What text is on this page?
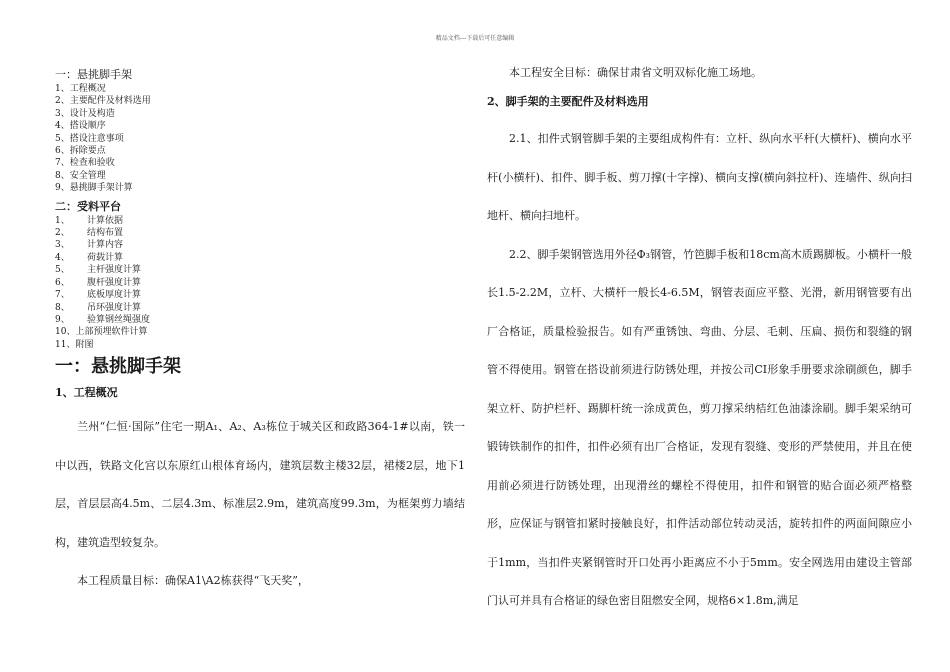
精品文档---下载后可任意编辑
一：悬挑脚手架
1、工程概况
2、主要配件及材料选用
3、设计及构造
4、搭设顺序
5、搭设注意事项
6、拆除要点
7、检查和验收
8、安全管理
9、悬挑脚手架计算
二：受料平台
1、 计算依据
2、 结构布置
3、 计算内容
4、 荷载计算
5、 主杆强度计算
6、 腹杆强度计算
7、 底板厚度计算
8、 吊环强度计算
9、 验算钢丝绳强度
10、上部预埋软件计算
11、附图
一：悬挑脚手架
1、工程概况

兰州“仁恒·国际”住宅一期A₁、A₂、A₃栋位于城关区和政路364-1#以南，铁一中以西，铁路文化宫以东原红山根体育场内，建筑层数主楼32层，裙楼2层，地下1层，首层层高4.5m、二层4.3m、标准层2.9m，建筑高度99.3m，为框架剪力墙结构，建筑造型较复杂。

本工程质量目标：确保A1\A2栋获得“飞天奖”，

本工程安全目标：确保甘肃省文明双标化施工场地。

2、脚手架的主要配件及材料选用

2.1、扣件式钢管脚手架的主要组成构件有：立杆、纵向水平杆(大横杆)、横向水平杆(小横杆)、扣件、脚手板、剪刀撑(十字撑)、横向支撑(横向斜拉杆)、连墙件、纵向扫地杆、横向扫地杆。

2.2、脚手架钢管选用外径Φ₃钢管，竹笆脚手板和18cm高木质踢脚板。小横杆一般长1.5-2.2M，立杆、大横杆一般长4-6.5M，钢管表面应平整、光滑，新用钢管要有出厂合格证，质量检验报告。如有严重锈蚀、弯曲、分层、毛刺、压扁、损伤和裂缝的钢管不得使用。钢管在搭设前须进行防锈处理，并按公司CI形象手册要求涂刷颜色，脚手架立杆、防护栏杆、踢脚杆统一涂成黄色，剪刀撑采纳桔红色油漆涂刷。脚手架采纳可锻铸铁制作的扣件，扣件必须有出厂合格证，发现有裂缝、变形的严禁使用，并且在使用前必须进行防锈处理，出现滑丝的螺栓不得使用，扣件和钢管的贴合面必须严格整形，应保证与钢管扣紧时接触良好，扣件活动部位转动灵活，旋转扣件的两面间隙应小于1mm，当扣件夹紧钢管时开口处再小距离应不小于5mm。安全网选用由建设主管部门认可并具有合格证的绿色密目阻燃安全网，规格6×1.8m,满足
